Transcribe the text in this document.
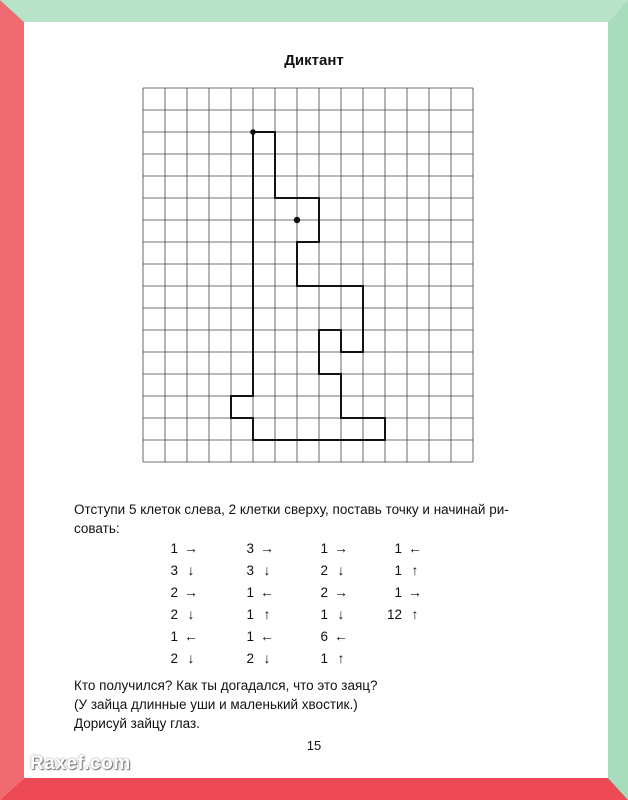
Диктант
Отступи 5 клеток слева, 2 клетки сверху, поставь точку и начинай ри-
совать:
1 →
3 ↓
2 →
2 ↓
1 ←
2 ↓
3 →
3 ↓
1 ←
1 ↑
1 ←
2 ↓
1 →
2 ↓
2 →
1 ↓
6 ←
1 ↑
1 ←
1 ↑
1 →
12 ↑
Кто получился? Как ты догадался, что это заяц?
(У зайца длинные уши и маленький хвостик.)
Дорисуй зайцу глаз.
15
Raxef.com
